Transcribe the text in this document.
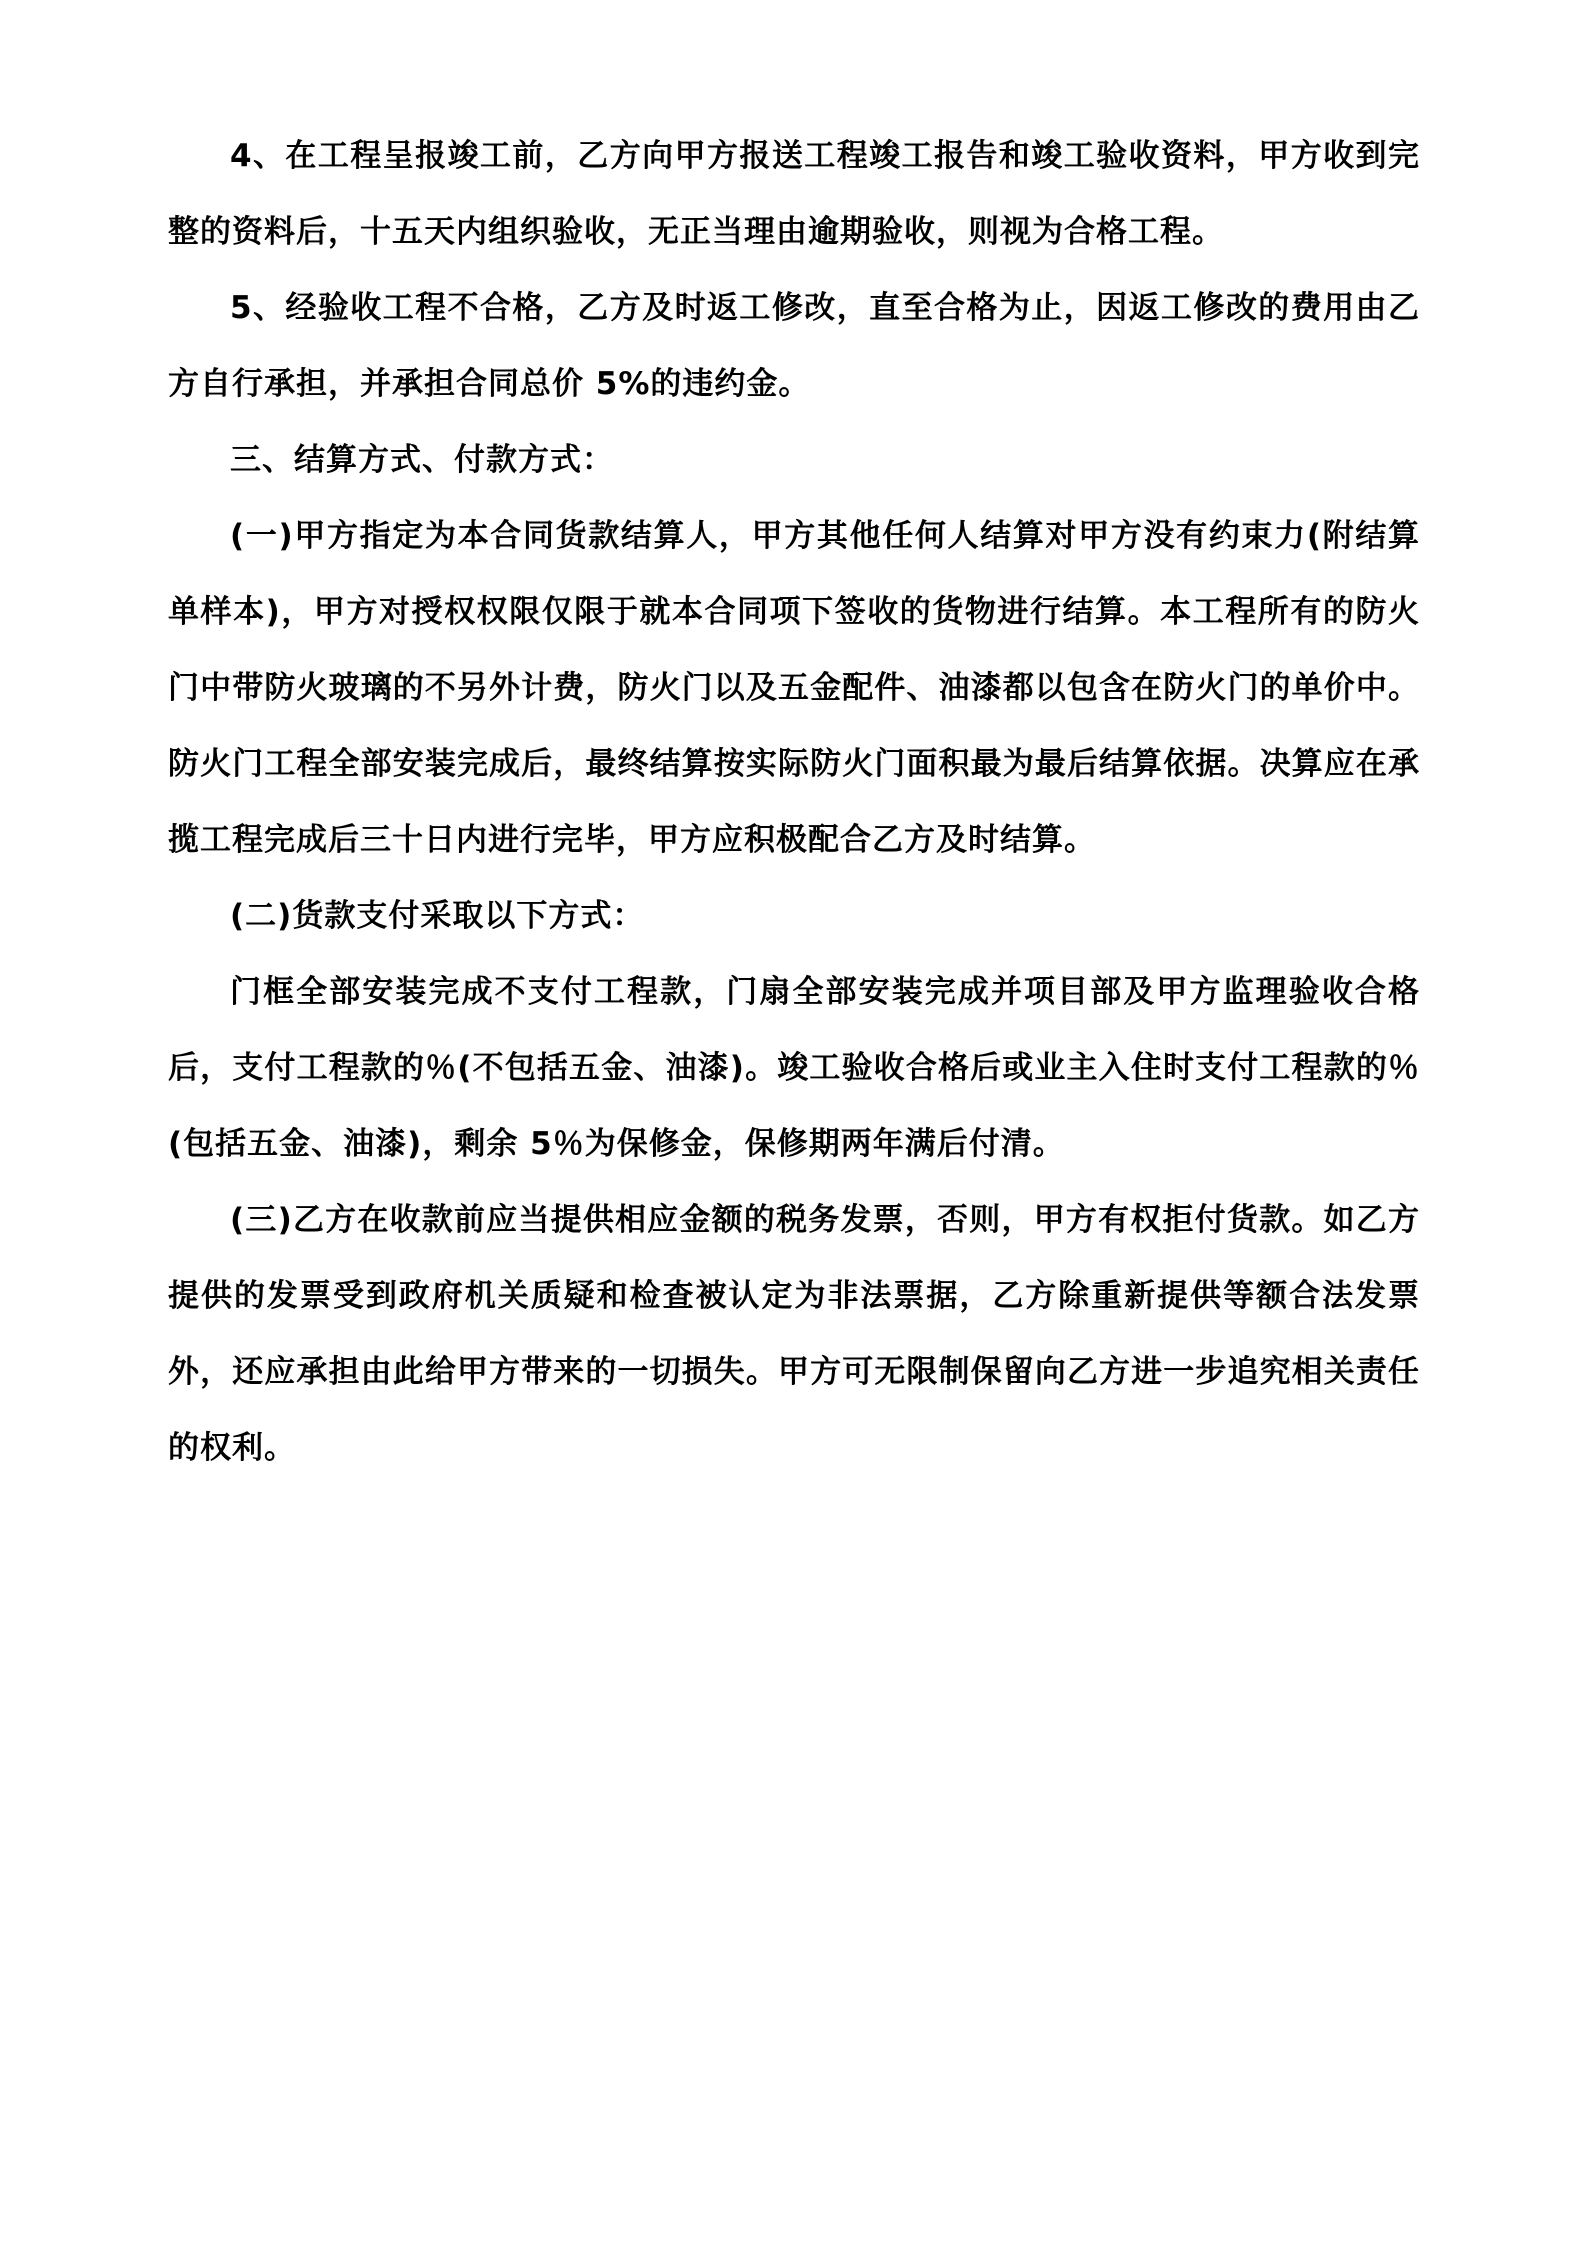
4、在工程呈报竣工前，乙方向甲方报送工程竣工报告和竣工验收资料，甲方收到完整的资料后，十五天内组织验收，无正当理由逾期验收，则视为合格工程。

5、经验收工程不合格，乙方及时返工修改，直至合格为止，因返工修改的费用由乙方自行承担，并承担合同总价 5%的违约金。

三、结算方式、付款方式：

(一)甲方指定为本合同货款结算人，甲方其他任何人结算对甲方没有约束力(附结算单样本)，甲方对授权权限仅限于就本合同项下签收的货物进行结算。本工程所有的防火门中带防火玻璃的不另外计费，防火门以及五金配件、油漆都以包含在防火门的单价中。防火门工程全部安装完成后，最终结算按实际防火门面积最为最后结算依据。决算应在承揽工程完成后三十日内进行完毕，甲方应积极配合乙方及时结算。

(二)货款支付采取以下方式：

门框全部安装完成不支付工程款，门扇全部安装完成并项目部及甲方监理验收合格后，支付工程款的％(不包括五金、油漆)。竣工验收合格后或业主入住时支付工程款的％(包括五金、油漆)，剩余 5％为保修金，保修期两年满后付清。

(三)乙方在收款前应当提供相应金额的税务发票，否则，甲方有权拒付货款。如乙方提供的发票受到政府机关质疑和检查被认定为非法票据，乙方除重新提供等额合法发票外，还应承担由此给甲方带来的一切损失。甲方可无限制保留向乙方进一步追究相关责任的权利。
